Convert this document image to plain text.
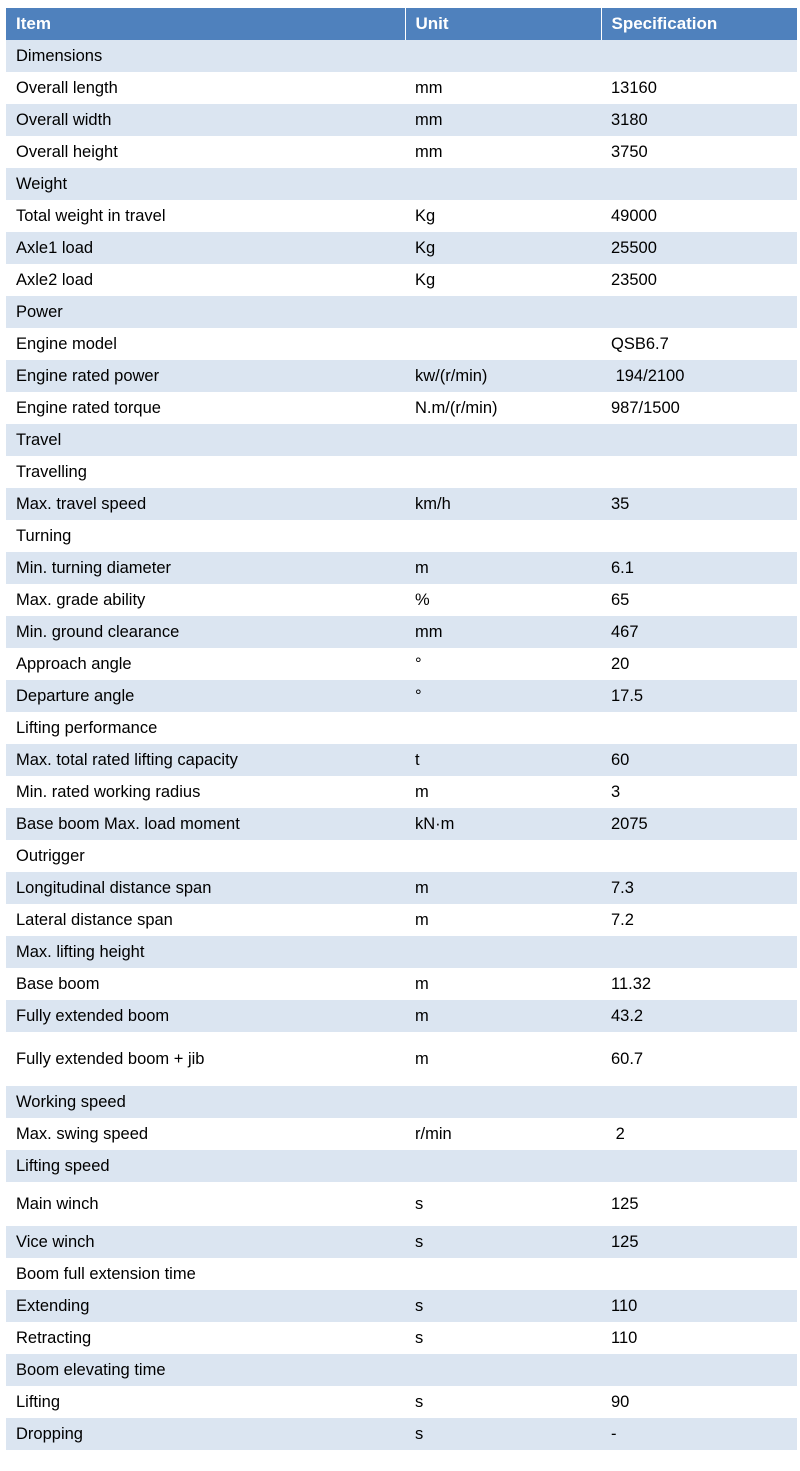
Item	Unit	Specification
Dimensions		
Overall length	mm	13160
Overall width	mm	3180
Overall height	mm	3750
Weight		
Total weight in travel	Kg	49000
Axle1 load	Kg	25500
Axle2 load	Kg	23500
Power		
Engine model		QSB6.7
Engine rated power	kw/(r/min)	194/2100
Engine rated torque	N.m/(r/min)	987/1500
Travel		
Travelling		
Max. travel speed	km/h	35
Turning		
Min. turning diameter	m	6.1
Max. grade ability	%	65
Min. ground clearance	mm	467
Approach angle	°	20
Departure angle	°	17.5
Lifting performance		
Max. total rated lifting capacity	t	60
Min. rated working radius	m	3
Base boom Max. load moment	kN·m	2075
Outrigger		
Longitudinal distance span	m	7.3
Lateral distance span	m	7.2
Max. lifting height		
Base boom	m	11.32
Fully extended boom	m	43.2
Fully extended boom + jib	m	60.7
Working speed		
Max. swing speed	r/min	2
Lifting speed		
Main winch	s	125
Vice winch	s	125
Boom full extension time		
Extending	s	110
Retracting	s	110
Boom elevating time		
Lifting	s	90
Dropping	s	-
